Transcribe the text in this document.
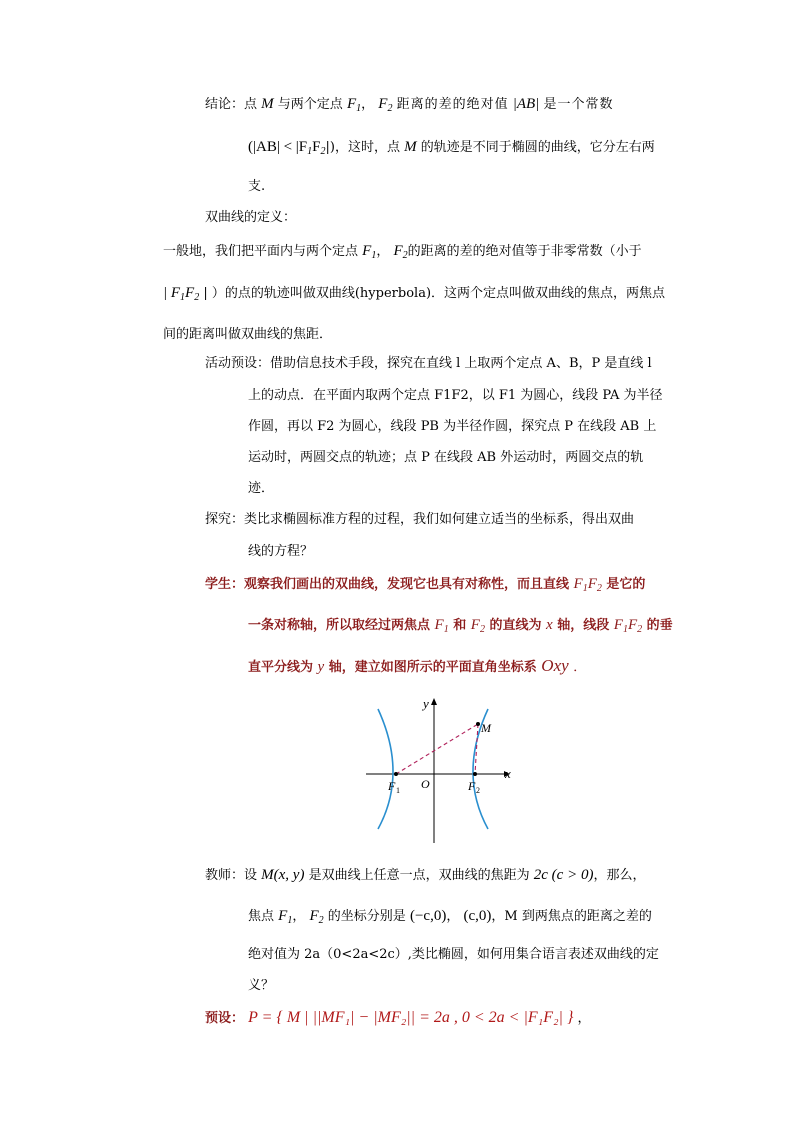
结论：点 M 与两个定点 $F_1$， $F_2$ 距离的差的绝对值 |AB| 是一个常数
$(|AB| < |F_1F_2|)$，这时，点 M 的轨迹是不同于椭圆的曲线，它分左右两
支.
双曲线的定义：
一般地，我们把平面内与两个定点 $F_1$， $F_2$的距离的差的绝对值等于非零常数（小于
| $F_1F_2$ | ）的点的轨迹叫做双曲线(hyperbola)．这两个定点叫做双曲线的焦点，两焦点
间的距离叫做双曲线的焦距．
活动预设：借助信息技术手段，探究在直线 l 上取两个定点 A、B，P 是直线 l
上的动点．在平面内取两个定点 F1F2，以 F1 为圆心，线段 PA 为半径
作圆，再以 F2 为圆心，线段 PB 为半径作圆，探究点 P 在线段 AB 上
运动时，两圆交点的轨迹；点 P 在线段 AB 外运动时，两圆交点的轨
迹．
探究：类比求椭圆标准方程的过程，我们如何建立适当的坐标系，得出双曲
线的方程？
学生：观察我们画出的双曲线，发现它也具有对称性，而且直线 $F_1F_2$ 是它的
一条对称轴，所以取经过两焦点 $F_1$ 和 $F_2$ 的直线为 x 轴，线段 $F_1F_2$ 的垂
直平分线为 y 轴，建立如图所示的平面直角坐标系 Oxy ．
y
x
M
O
F 1	F 2
教师：设 M(x, y) 是双曲线上任意一点，双曲线的焦距为 2c (c > 0)，那么，
焦点 $F_1$， $F_2$ 的坐标分别是 (−c,0)， (c,0)，M 到两焦点的距离之差的
绝对值为 2a（0<2a<2c）,类比椭圆，如何用集合语言表述双曲线的定
义？
预设： P = { M | ||MF₁| − |MF₂|| = 2a , 0 < 2a < |F₁F₂| } ，
